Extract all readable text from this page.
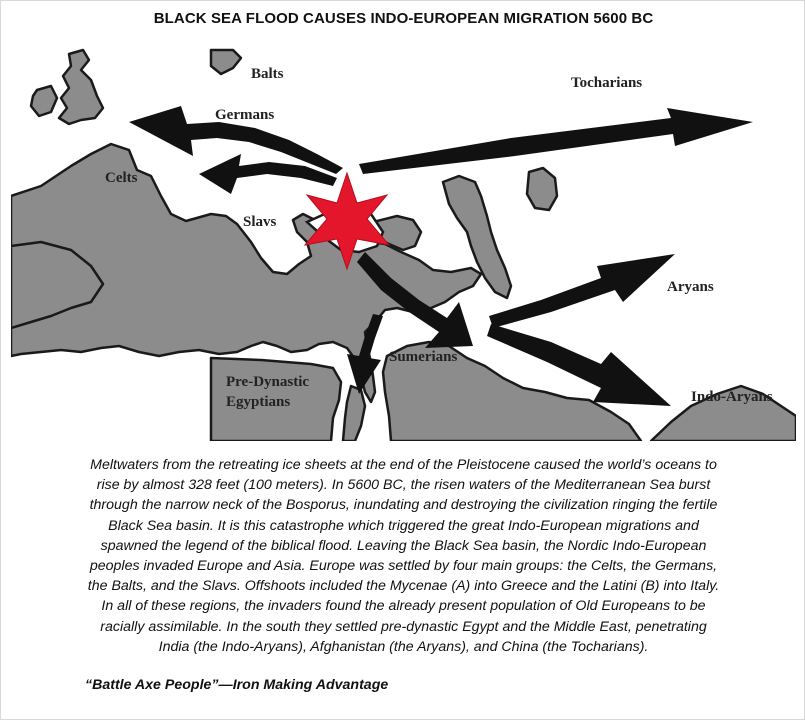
BLACK SEA FLOOD CAUSES INDO-EUROPEAN MIGRATION 5600 BC
Balts
Germans
Tocharians
Celts
Slavs
Aryans
Sumerians
Pre-Dynastic
Egyptians	Indo-Aryans
Meltwaters from the retreating ice sheets at the end of the Pleistocene caused the world’s oceans to
rise by almost 328 feet (100 meters). In 5600 BC, the risen waters of the Mediterranean Sea burst
through the narrow neck of the Bosporus, inundating and destroying the civilization ringing the fertile
Black Sea basin. It is this catastrophe which triggered the great Indo-European migrations and
spawned the legend of the biblical flood. Leaving the Black Sea basin, the Nordic Indo-European
peoples invaded Europe and Asia. Europe was settled by four main groups: the Celts, the Germans,
the Balts, and the Slavs. Offshoots included the Mycenae (A) into Greece and the Latini (B) into Italy.
In all of these regions, the invaders found the already present population of Old Europeans to be
racially assimilable. In the south they settled pre-dynastic Egypt and the Middle East, penetrating
India (the Indo-Aryans), Afghanistan (the Aryans), and China (the Tocharians).
“Battle Axe People”—Iron Making Advantage
